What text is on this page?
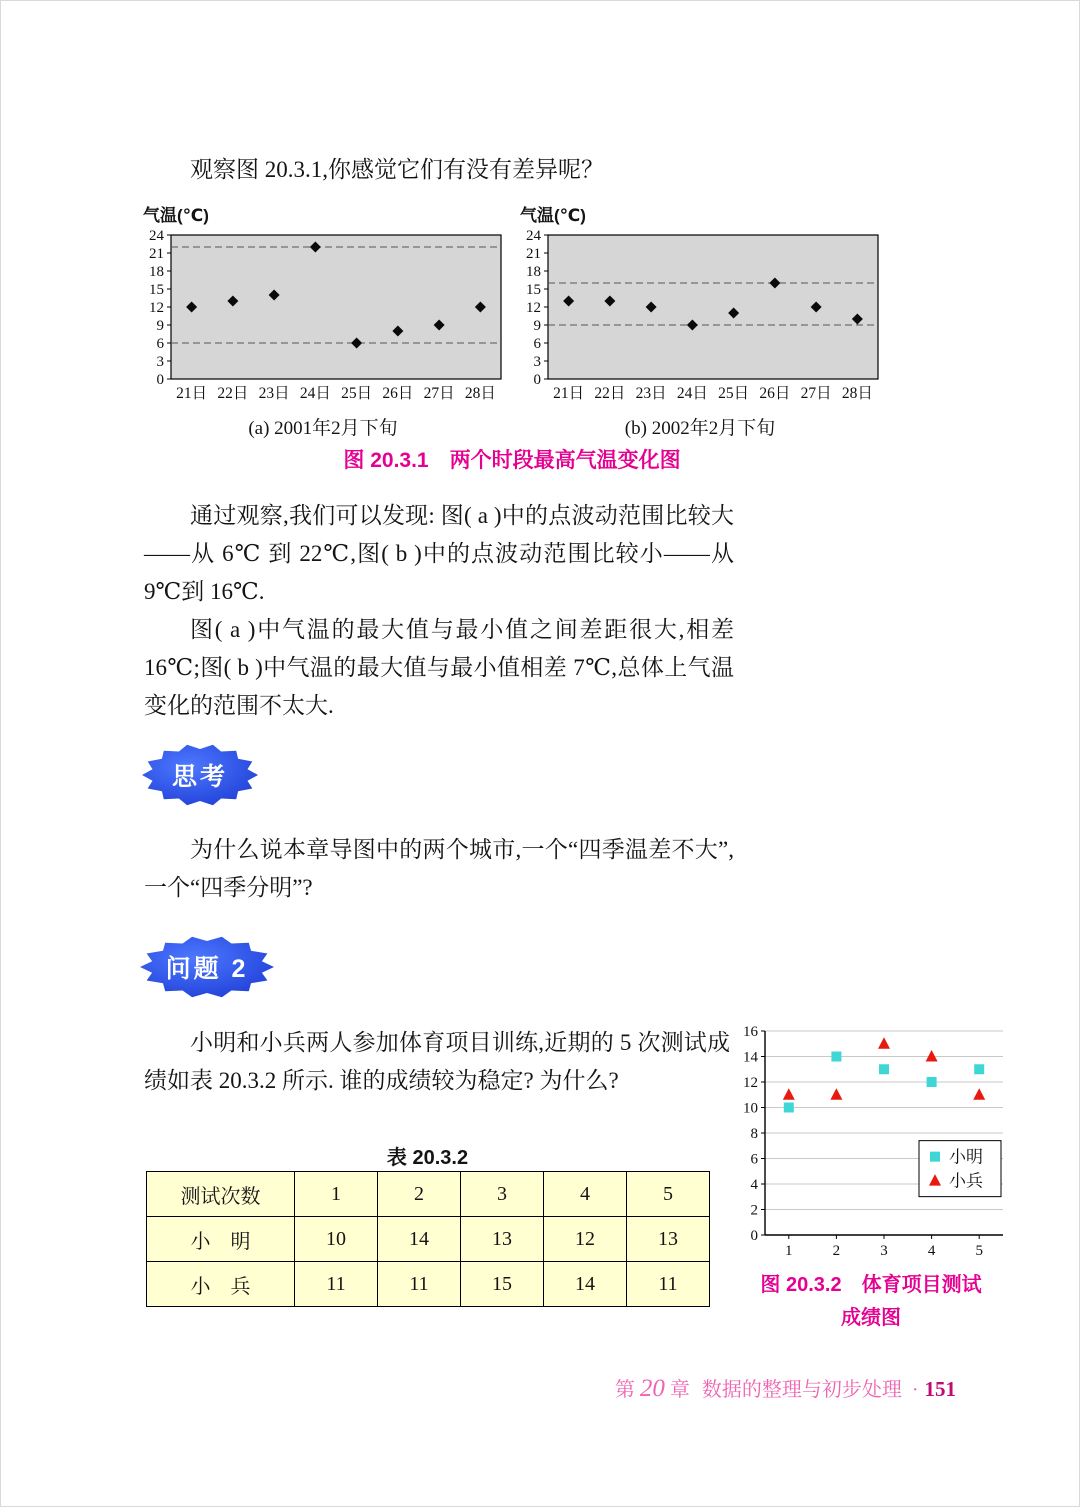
观察图 20.3.1,你感觉它们有没有差异呢？

气温(℃)
0
3
6
9
12
15
18
21
24
21日 22日 23日 24日 25日 26日 27日 28日
(a) 2001年2月下旬
气温(℃)
0
3
6
9
12
15
18
21
24
21日 22日 23日 24日 25日 26日 27日 28日
(b) 2002年2月下旬
图 20.3.1　两个时段最高气温变化图

通过观察,我们可以发现: 图( a )中的点波动范围比较大——从 6℃ 到 22℃,图( b )中的点波动范围比较小——从 9℃到 16℃.

图( a )中气温的最大值与最小值之间差距很大,相差 16℃;图( b )中气温的最大值与最小值相差 7℃,总体上气温变化的范围不太大.

思考

为什么说本章导图中的两个城市,一个“四季温差不大”,一个“四季分明”?

问题 2

小明和小兵两人参加体育项目训练,近期的 5 次测试成绩如表 20.3.2 所示. 谁的成绩较为稳定? 为什么?

0
2
4
6
8
10
12
14
16
1	2	3	4	5
小明
小兵
图 20.3.2　体育项目测试
成绩图
表 20.3.2
测试次数	1	2	3	4	5
小　明	10	14	13	12	13
小　兵	11	11	15	14	11
第 20 章 数据的整理与初步处理 · 151
